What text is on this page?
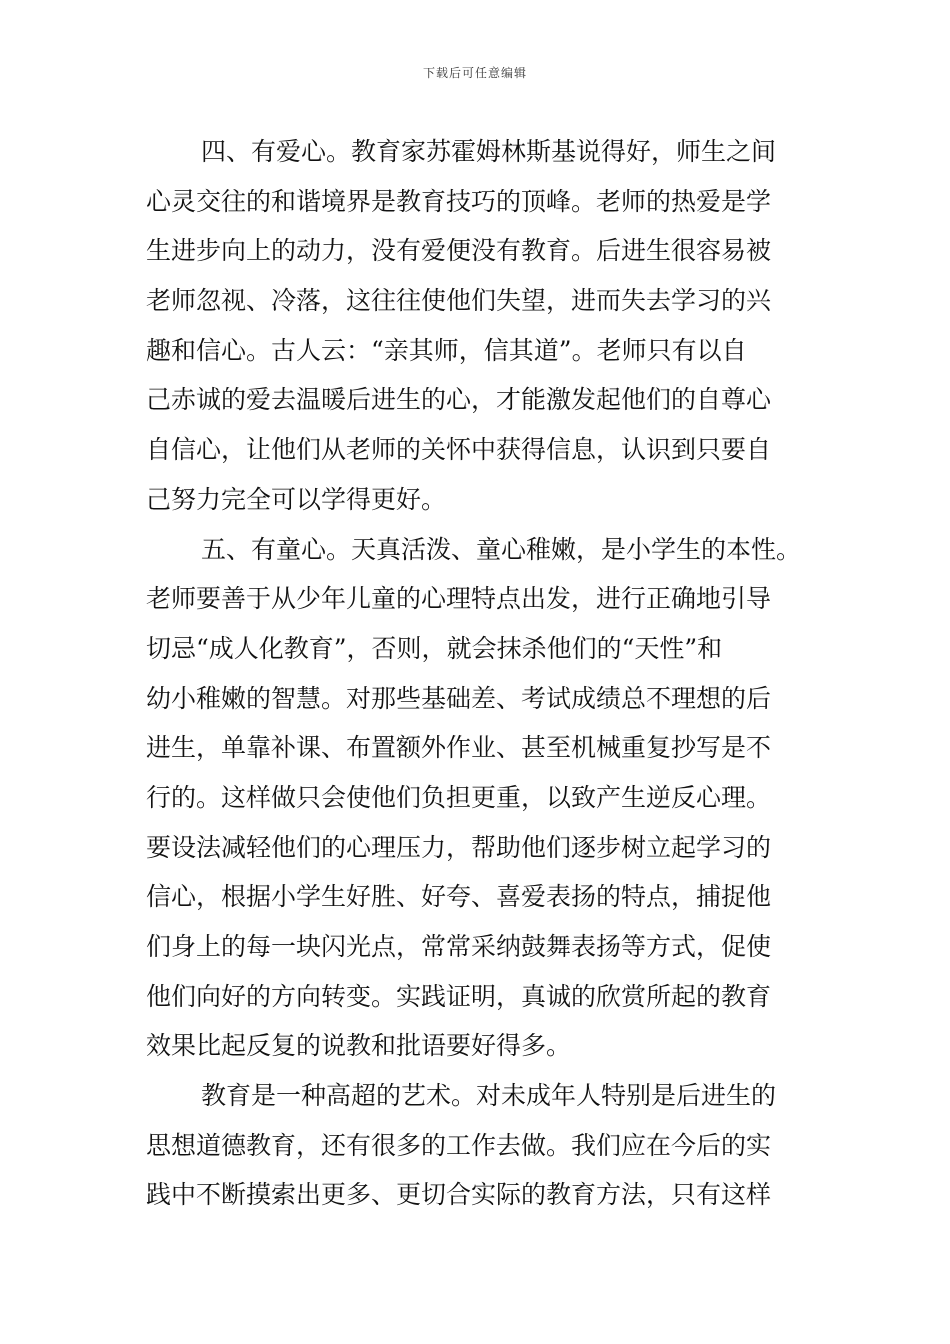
下载后可任意编辑
四、有爱心。教育家苏霍姆林斯基说得好，师生之间
心灵交往的和谐境界是教育技巧的顶峰。老师的热爱是学
生进步向上的动力，没有爱便没有教育。后进生很容易被
老师忽视、冷落，这往往使他们失望，进而失去学习的兴
趣和信心。古人云：“亲其师，信其道”。老师只有以自
己赤诚的爱去温暖后进生的心，才能激发起他们的自尊心
自信心，让他们从老师的关怀中获得信息，认识到只要自
己努力完全可以学得更好。
五、有童心。天真活泼、童心稚嫩，是小学生的本性。
老师要善于从少年儿童的心理特点出发，进行正确地引导
切忌“成人化教育”，否则，就会抹杀他们的“天性”和
幼小稚嫩的智慧。对那些基础差、考试成绩总不理想的后
进生，单靠补课、布置额外作业、甚至机械重复抄写是不
行的。这样做只会使他们负担更重，以致产生逆反心理。
要设法减轻他们的心理压力，帮助他们逐步树立起学习的
信心，根据小学生好胜、好夸、喜爱表扬的特点，捕捉他
们身上的每一块闪光点，常常采纳鼓舞表扬等方式，促使
他们向好的方向转变。实践证明，真诚的欣赏所起的教育
效果比起反复的说教和批语要好得多。
教育是一种高超的艺术。对未成年人特别是后进生的
思想道德教育，还有很多的工作去做。我们应在今后的实
践中不断摸索出更多、更切合实际的教育方法，只有这样
